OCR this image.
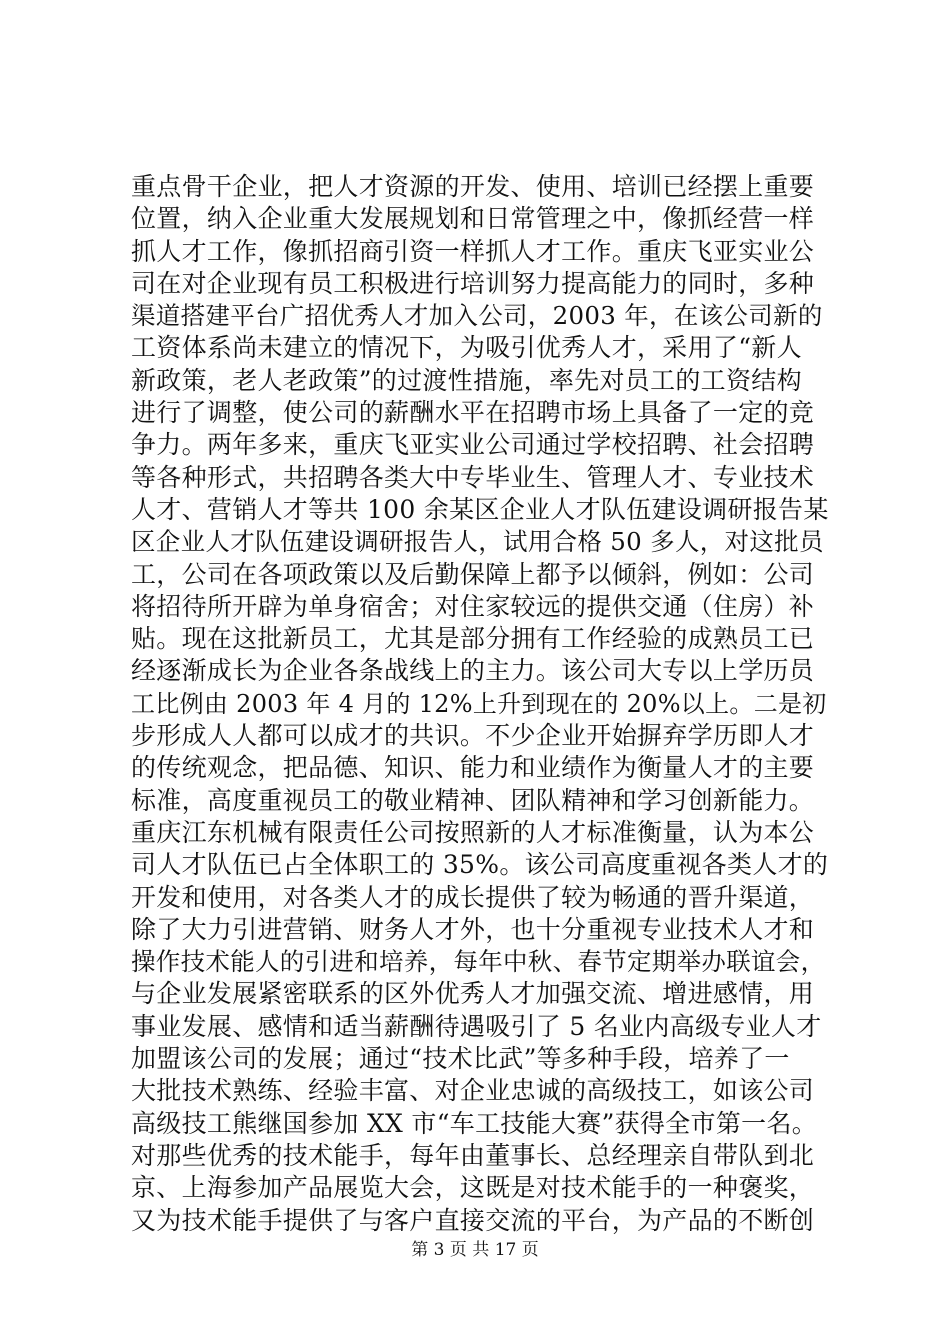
重点骨干企业，把人才资源的开发、使用、培训已经摆上重要
位置，纳入企业重大发展规划和日常管理之中，像抓经营一样
抓人才工作，像抓招商引资一样抓人才工作。重庆飞亚实业公
司在对企业现有员工积极进行培训努力提高能力的同时，多种
渠道搭建平台广招优秀人才加入公司，2003 年，在该公司新的
工资体系尚未建立的情况下，为吸引优秀人才，采用了“新人
新政策，老人老政策”的过渡性措施，率先对员工的工资结构
进行了调整，使公司的薪酬水平在招聘市场上具备了一定的竞
争力。两年多来，重庆飞亚实业公司通过学校招聘、社会招聘
等各种形式，共招聘各类大中专毕业生、管理人才、专业技术
人才、营销人才等共 100 余某区企业人才队伍建设调研报告某
区企业人才队伍建设调研报告人，试用合格 50 多人，对这批员
工，公司在各项政策以及后勤保障上都予以倾斜，例如：公司
将招待所开辟为单身宿舍；对住家较远的提供交通（住房）补
贴。现在这批新员工，尤其是部分拥有工作经验的成熟员工已
经逐渐成长为企业各条战线上的主力。该公司大专以上学历员
工比例由 2003 年 4 月的 12%上升到现在的 20%以上。二是初
步形成人人都可以成才的共识。不少企业开始摒弃学历即人才
的传统观念，把品德、知识、能力和业绩作为衡量人才的主要
标准，高度重视员工的敬业精神、团队精神和学习创新能力。
重庆江东机械有限责任公司按照新的人才标准衡量，认为本公
司人才队伍已占全体职工的 35%。该公司高度重视各类人才的
开发和使用，对各类人才的成长提供了较为畅通的晋升渠道，
除了大力引进营销、财务人才外，也十分重视专业技术人才和
操作技术能人的引进和培养，每年中秋、春节定期举办联谊会，
与企业发展紧密联系的区外优秀人才加强交流、增进感情，用
事业发展、感情和适当薪酬待遇吸引了 5 名业内高级专业人才
加盟该公司的发展；通过“技术比武”等多种手段，培养了一
大批技术熟练、经验丰富、对企业忠诚的高级技工，如该公司
高级技工熊继国参加 XX 市“车工技能大赛”获得全市第一名。
对那些优秀的技术能手，每年由董事长、总经理亲自带队到北
京、上海参加产品展览大会，这既是对技术能手的一种褒奖，
又为技术能手提供了与客户直接交流的平台，为产品的不断创
第 3 页 共 17 页
